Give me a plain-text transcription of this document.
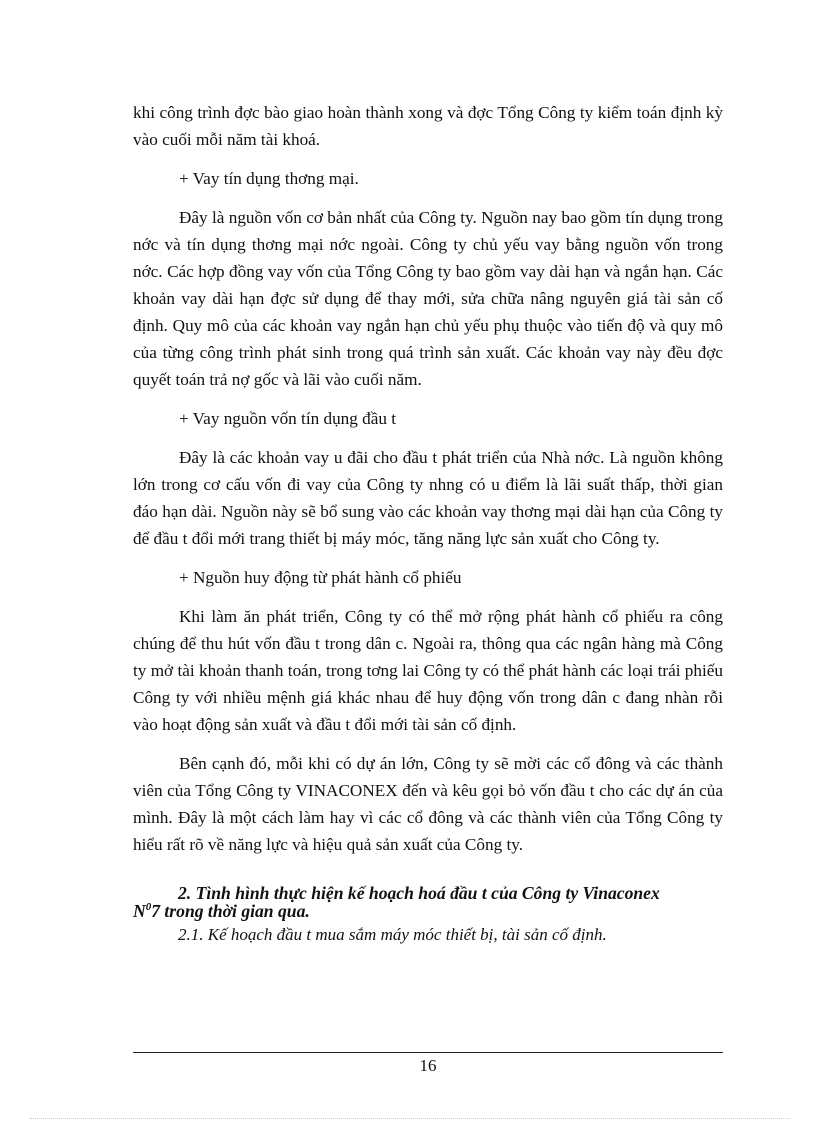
khi công trình đợc bào giao hoàn thành xong và đợc Tổng Công ty kiểm toán định kỳ vào cuối mỗi năm tài khoá.

+ Vay tín dụng thơng mại.

Đây là nguồn vốn cơ bản nhất của Công ty. Nguồn nay bao gồm tín dụng trong nớc và tín dụng thơng mại nớc ngoài. Công ty chủ yếu vay bằng nguồn vốn trong nớc. Các hợp đồng vay vốn của Tổng Công ty bao gồm vay dài hạn và ngắn hạn. Các khoản vay dài hạn đợc sử dụng để thay mới, sửa chữa nâng nguyên giá tài sản cố định. Quy mô của các khoản vay ngắn hạn chủ yếu phụ thuộc vào tiến độ và quy mô của từng công trình phát sinh trong quá trình sản xuất. Các khoản vay này đều đợc quyết toán trả nợ gốc và lãi vào cuối năm.

+ Vay nguồn vốn tín dụng đầu t

Đây là các khoản vay u đãi cho đầu t phát triển của Nhà nớc. Là nguồn không lớn trong cơ cấu vốn đi vay của Công ty nhng có u điểm là lãi suất thấp, thời gian đáo hạn dài. Nguồn này sẽ bổ sung vào các khoản vay thơng mại dài hạn của Công ty để đầu t đổi mới trang thiết bị máy móc, tăng năng lực sản xuất cho Công ty.

+ Nguồn huy động từ phát hành cổ phiếu

Khi làm ăn phát triển, Công ty có thể mở rộng phát hành cổ phiếu ra công chúng để thu hút vốn đầu t trong dân c. Ngoài ra, thông qua các ngân hàng mà Công ty mở tài khoản thanh toán, trong tơng lai Công ty có thể phát hành các loại trái phiếu Công ty với nhiều mệnh giá khác nhau để huy động vốn trong dân c đang nhàn rỗi vào hoạt động sản xuất và đầu t đổi mới tài sản cố định.

Bên cạnh đó, mỗi khi có dự án lớn, Công ty sẽ mời các cổ đông và các thành viên của Tổng Công ty VINACONEX đến và kêu gọi bỏ vốn đầu t cho các dự án của mình. Đây là một cách làm hay vì các cổ đông và các thành viên của Tổng Công ty hiểu rất rõ về năng lực và hiệu quả sản xuất của Công ty.

2. Tình hình thực hiện kế hoạch hoá đầu t của Công ty Vinaconex
$N^07$ trong thời gian qua.
2.1. Kế hoạch đầu t mua sắm máy móc thiết bị, tài sản cố định.
16
